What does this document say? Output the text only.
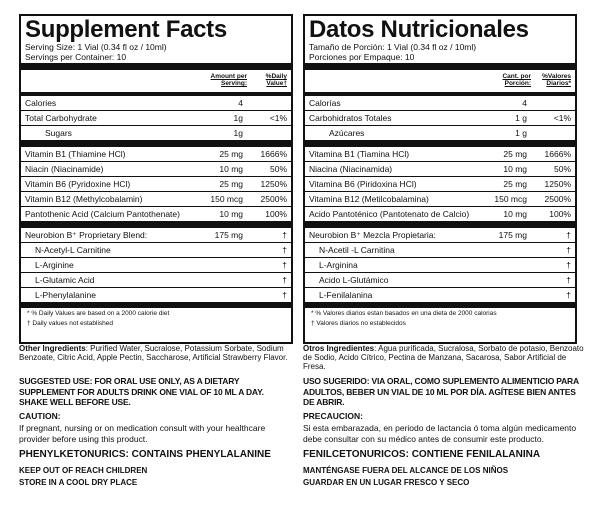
Supplement Facts
Serving Size: 1 Vial (0.34 fl oz / 10ml)
Servings per Container: 10
Amount per
Serving:
%Daily
Value†
Calories	4
Total Carbohydrate	1g	<1%
Sugars	1g
Vitamin B1 (Thiamine HCl)	25 mg 1666%
Niacin (Niacinamide)	10 mg	50%
Vitamin B6 (Pyridoxine HCl)	25 mg 1250%
Vitamin B12 (Methylcobalamin)	150 mcg 2500%
Pantothenic Acid (Calcium Pantothenate)	10 mg	100%
Neurobion B⁺ Proprietary Blend:	175 mg	†
N-Acetyl-L Carnitine	†
L-Arginine	†
L-Glutamic Acid	†
L-Phenylalanine	†
* % Daily Values are based on a 2000 calorie diet
† Daily values not established
Datos Nutricionales
Tamaño de Porción: 1 Vial (0.34 fl oz / 10ml)
Porciones por Empaque: 10
Cant. por
Porción:
%Valores
Diarios*
Calorías	4
Carbohidratos Totales	1 g	<1%
Azúcares	1 g
Vitamina B1 (Tiamina HCl)	25 mg 1666%
Niacina (Niacinamida)	10 mg	50%
Vitamina B6 (Piridoxina HCl)	25 mg 1250%
Vitamina B12 (Metilcobalamina)	150 mcg 2500%
Acido Pantoténico (Pantotenato de Calcio)	10 mg	100%
Neurobion B⁺ Mezcla Propietaria:	175 mg	†
N-Acetil -L Carnitina	†
L-Arginina	†
Acido L-Glutámico	†
L-Fenilalanina	†
* % Valores diarios estan basados en una dieta de 2000 calorias
† Valores diarios no establecidos
Other Ingredients: Purified Water, Sucralose, Potassium Sorbate, Sodium Benzoate, Citric Acid, Apple Pectin, Saccharose, Artificial Strawberry Flavor.
Otros Ingredientes: Agua purificada, Sucralosa, Sorbato de potasio, Benzoato de Sodio, Acido Cítrico, Pectina de Manzana, Sacarosa, Sabor Artificial de Fresa.
SUGGESTED USE: FOR ORAL USE ONLY, AS A DIETARY SUPPLEMENT FOR ADULTS DRINK ONE VIAL OF 10 ML A DAY. SHAKE WELL BEFORE USE.
CAUTION:
If pregnant, nursing or on medication consult with your healthcare provider before using this product.
PHENYLKETONURICS: CONTAINS PHENYLALANINE
KEEP OUT OF REACH CHILDREN
STORE IN A COOL DRY PLACE
USO SUGERIDO: VIA ORAL, COMO SUPLEMENTO ALIMENTICIO PARA ADULTOS, BEBER UN VIAL DE 10 ML POR DÍA. AGÍTESE BIEN ANTES DE ABRIR.
PRECAUCION:
Si esta embarazada, en periodo de lactancia ó toma algún medicamento debe consultar con su médico antes de consumir este producto.
FENILCETONURICOS: CONTIENE FENILALANINA
MANTÉNGASE FUERA DEL ALCANCE DE LOS NIÑOS
GUARDAR EN UN LUGAR FRESCO Y SECO
